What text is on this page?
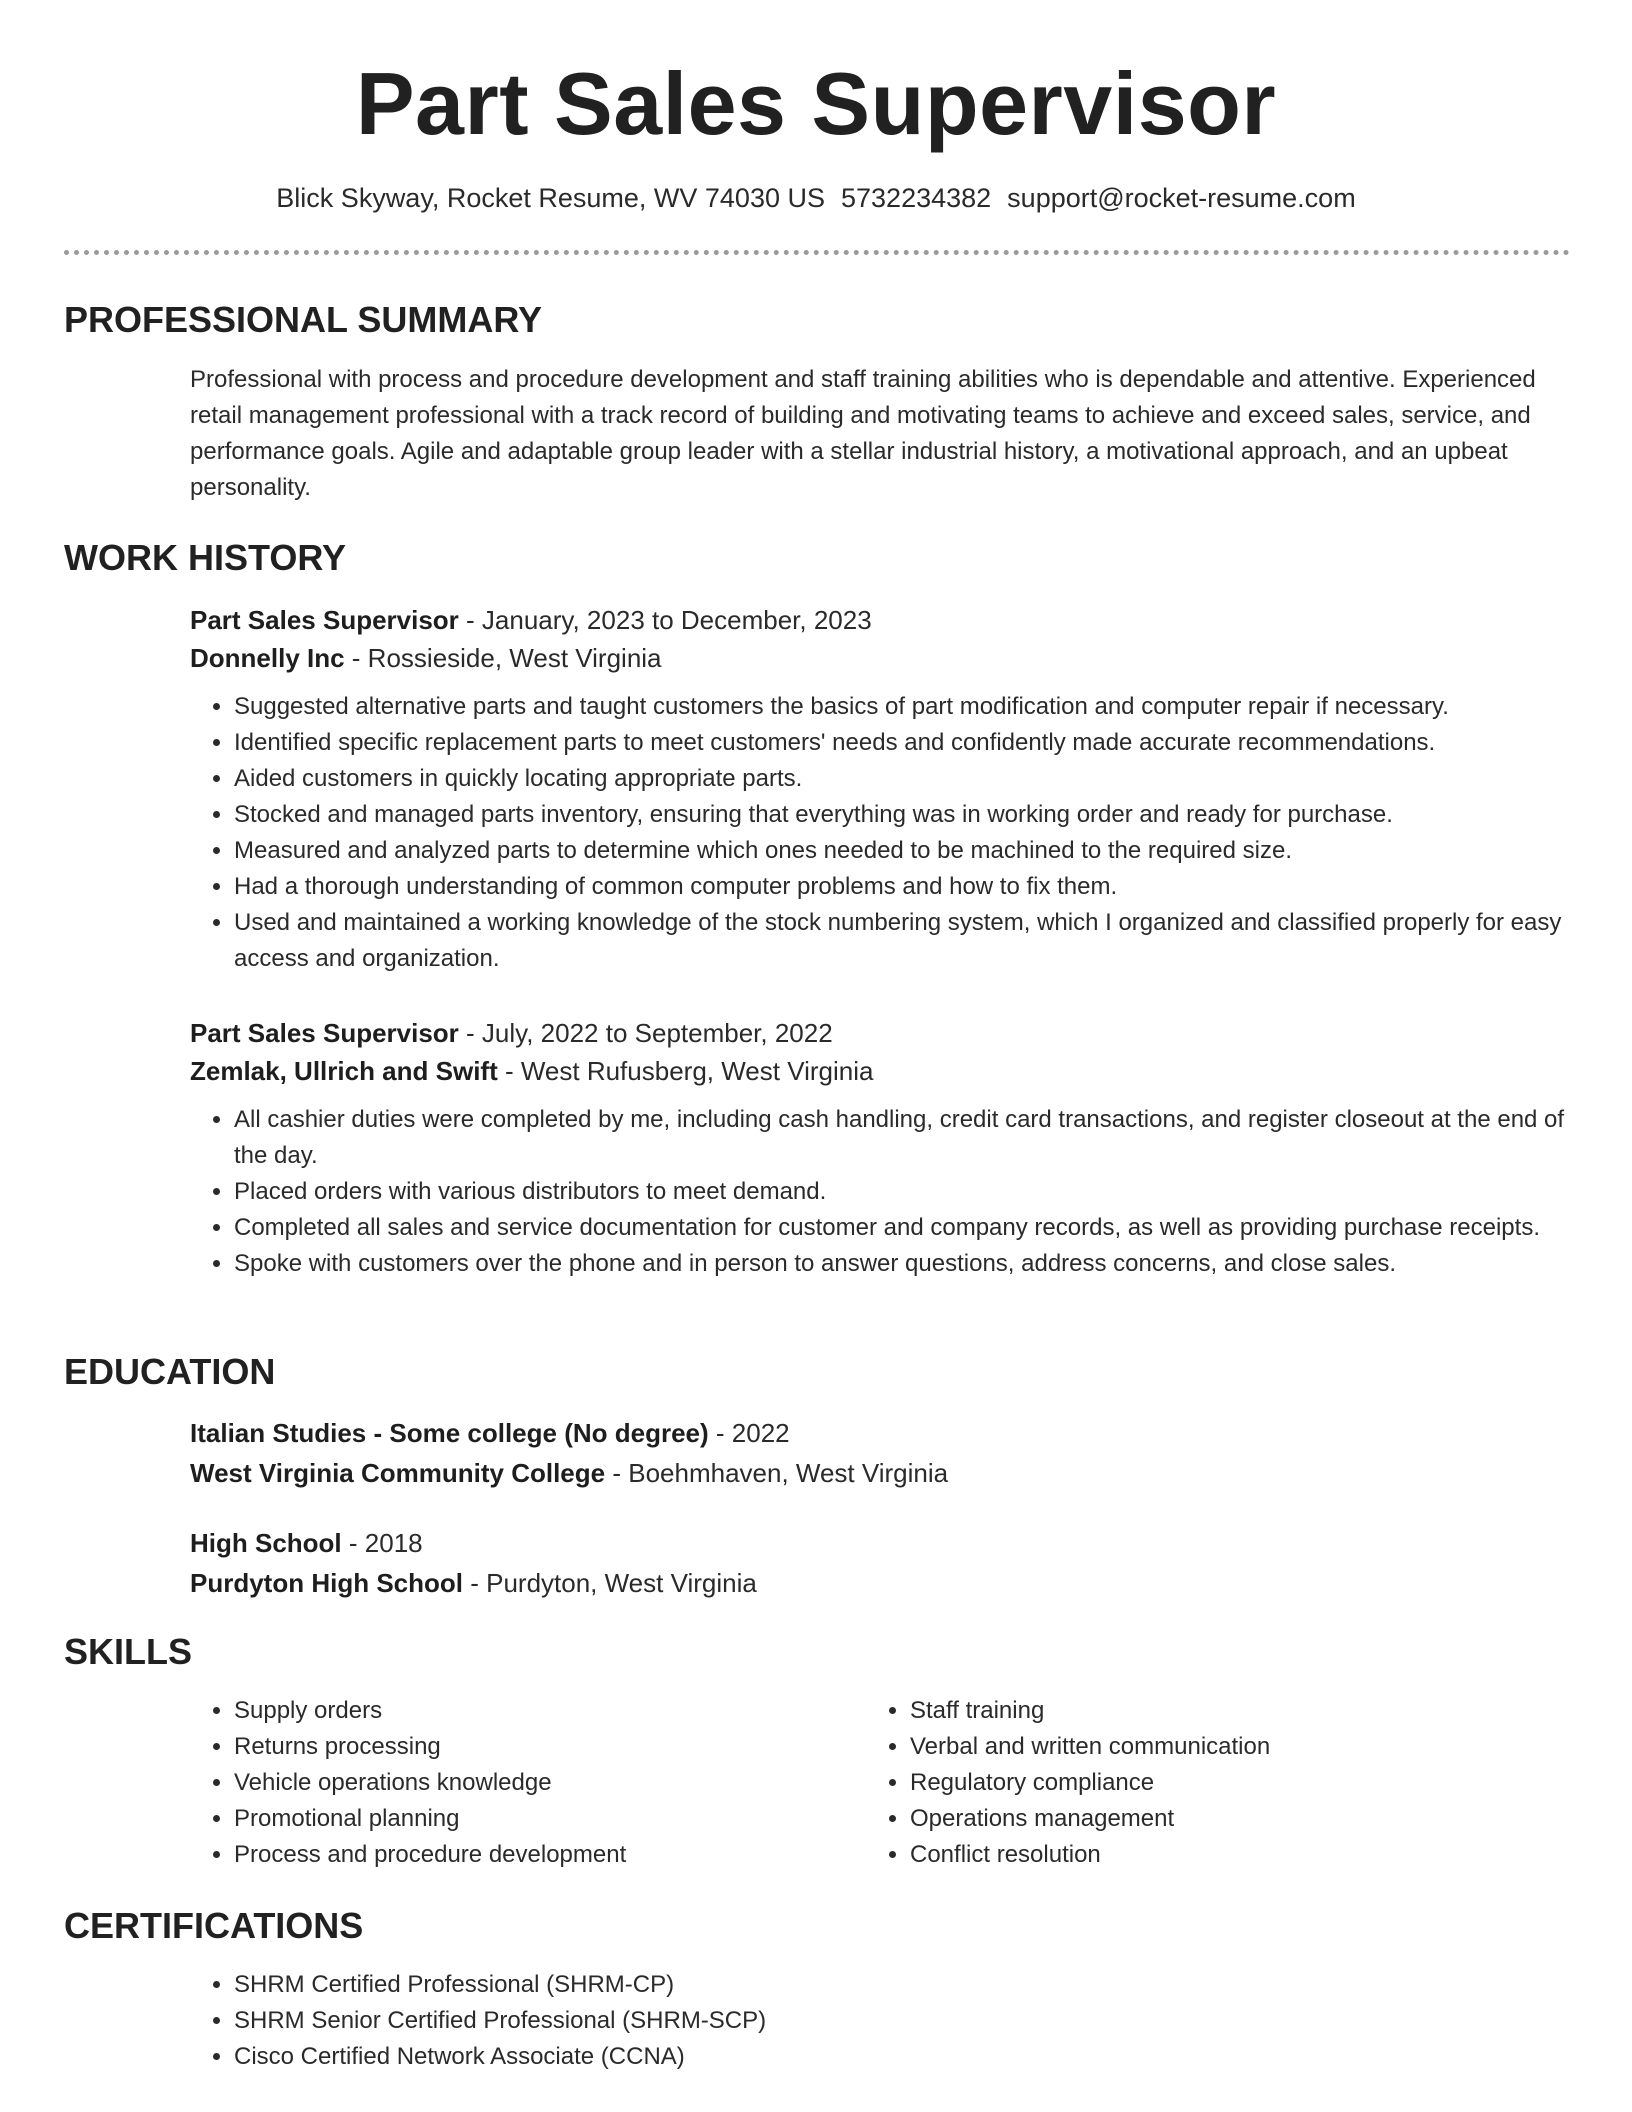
Part Sales Supervisor
Blick Skyway, Rocket Resume, WV 74030 US 5732234382 support@rocket-resume.com
PROFESSIONAL SUMMARY

Professional with process and procedure development and staff training abilities who is dependable and attentive. Experienced retail management professional with a track record of building and motivating teams to achieve and exceed sales, service, and performance goals. Agile and adaptable group leader with a stellar industrial history, a motivational approach, and an upbeat personality.

WORK HISTORY
Part Sales Supervisor - January, 2023 to December, 2023
Donnelly Inc - Rossieside, West Virginia
• Suggested alternative parts and taught customers the basics of part modification and computer repair if necessary.
• Identified specific replacement parts to meet customers' needs and confidently made accurate recommendations.
• Aided customers in quickly locating appropriate parts.
• Stocked and managed parts inventory, ensuring that everything was in working order and ready for purchase.
• Measured and analyzed parts to determine which ones needed to be machined to the required size.
• Had a thorough understanding of common computer problems and how to fix them.
• Used and maintained a working knowledge of the stock numbering system, which I organized and classified properly for easy access and organization.
Part Sales Supervisor - July, 2022 to September, 2022
Zemlak, Ullrich and Swift - West Rufusberg, West Virginia
• All cashier duties were completed by me, including cash handling, credit card transactions, and register closeout at the end of the day.
• Placed orders with various distributors to meet demand.
• Completed all sales and service documentation for customer and company records, as well as providing purchase receipts.
• Spoke with customers over the phone and in person to answer questions, address concerns, and close sales.
EDUCATION
Italian Studies - Some college (No degree) - 2022
West Virginia Community College - Boehmhaven, West Virginia
High School - 2018
Purdyton High School - Purdyton, West Virginia
SKILLS
• Supply orders
• Returns processing
• Vehicle operations knowledge
• Promotional planning
• Process and procedure development
• Staff training
• Verbal and written communication
• Regulatory compliance
• Operations management
• Conflict resolution
CERTIFICATIONS
• SHRM Certified Professional (SHRM-CP)
• SHRM Senior Certified Professional (SHRM-SCP)
• Cisco Certified Network Associate (CCNA)
